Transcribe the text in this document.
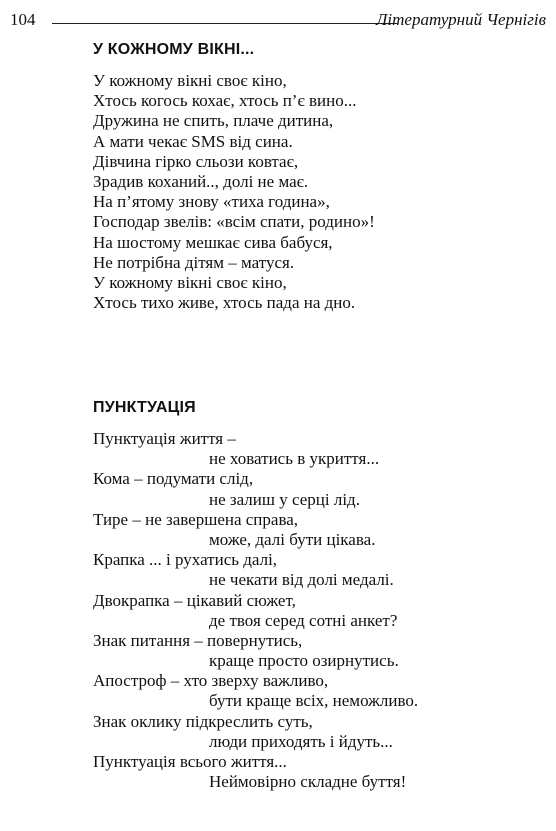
104	Літературний Чернігів
У КОЖНОМУ ВІКНІ...
У кожному вікні своє кіно,
Хтось когось кохає, хтось п’є вино...
Дружина не спить, плаче дитина,
А мати чекає SMS від сина.
Дівчина гірко сльози ковтає,
Зрадив коханий.., долі не має.
На п’ятому знову «тиха година»,
Господар звелів: «всім спати, родино»!
На шостому мешкає сива бабуся,
Не потрібна дітям – матуся.
У кожному вікні своє кіно,
Хтось тихо живе, хтось пада на дно.
ПУНКТУАЦІЯ
Пунктуація життя –
не ховатись в укриття...
Кома – подумати слід,
не залиш у серці лід.
Тире – не завершена справа,
може, далі бути цікава.
Крапка ... і рухатись далі,
не чекати від долі медалі.
Двокрапка – цікавий сюжет,
де твоя серед сотні анкет?
Знак питання – повернутись,
краще просто озирнутись.
Апостроф – хто зверху важливо,
бути краще всіх, неможливо.
Знак оклику підкреслить суть,
люди приходять і йдуть...
Пунктуація всього життя...
Неймовірно складне буття!
